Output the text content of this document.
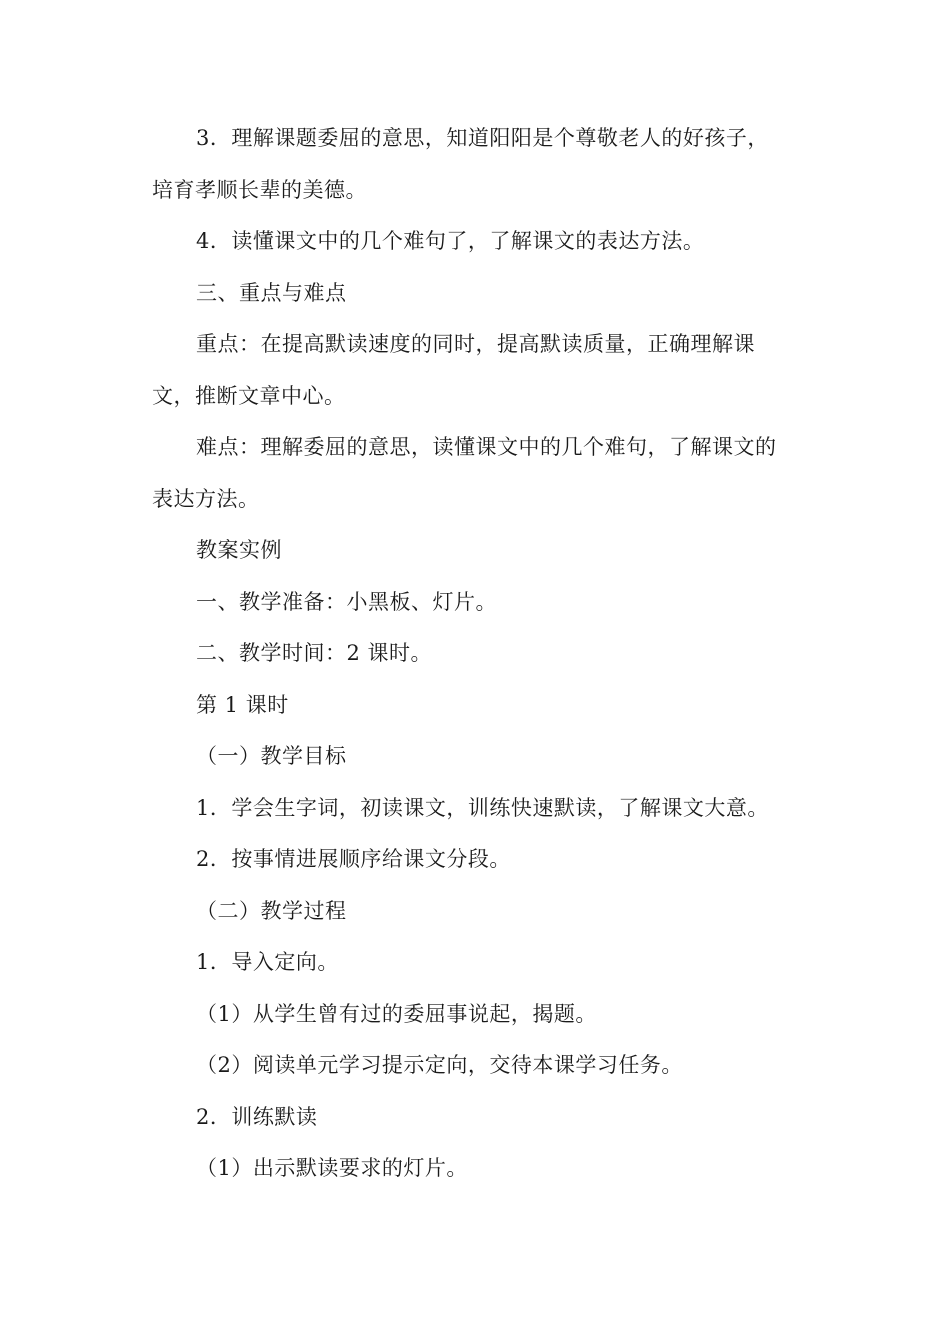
3．理解课题委屈的意思，知道阳阳是个尊敬老人的好孩子，
培育孝顺长辈的美德。
4．读懂课文中的几个难句了，了解课文的表达方法。
三、重点与难点
重点：在提高默读速度的同时，提高默读质量，正确理解课
文，推断文章中心。
难点：理解委屈的意思，读懂课文中的几个难句，了解课文的
表达方法。
教案实例
一、教学准备：小黑板、灯片。
二、教学时间：2 课时。
第 1 课时
（一）教学目标
1．学会生字词，初读课文，训练快速默读，了解课文大意。
2．按事情进展顺序给课文分段。
（二）教学过程
1．导入定向。
（1）从学生曾有过的委屈事说起，揭题。
（2）阅读单元学习提示定向，交待本课学习任务。
2．训练默读
（1）出示默读要求的灯片。
